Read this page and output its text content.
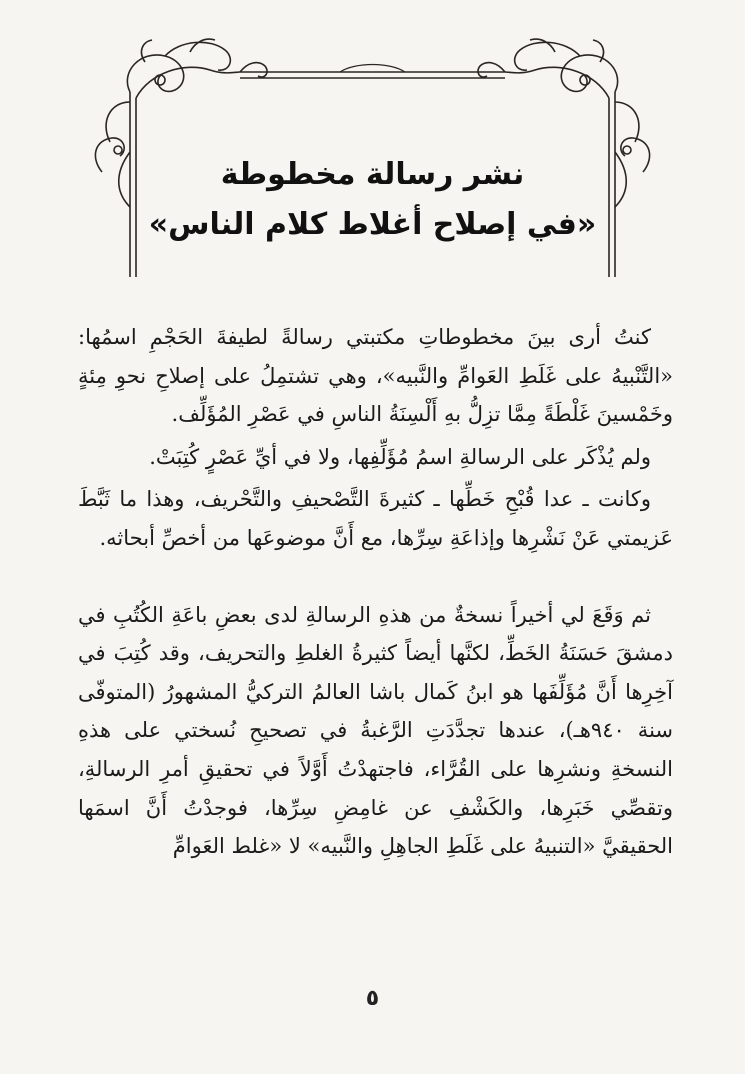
نشر رسالة مخطوطة
«في إصلاح أغلاط كلام الناس»

كنتُ أرى بينَ مخطوطاتِ مكتبتي رسالةً لطيفةَ الحَجْمِ اسمُها: «التَّنْبيهُ على غَلَطِ العَوامِّ والنَّبيه»، وهي تشتمِلُ على إصلاحِ نحوِ مِئةٍ وخَمْسينَ غَلْطَةً مِمَّا تزِلُّ بهِ أَلْسِنَةُ الناسِ في عَصْرِ المُؤَلِّف.

ولم يُذْكَر على الرسالةِ اسمُ مُؤَلِّفِها، ولا في أيِّ عَصْرٍ كُتِبَتْ.

وكانت ـ عدا قُبْحِ خَطِّها ـ كثيرةَ التَّصْحيفِ والتَّحْريف، وهذا ما ثَبَّطَ عَزيمتي عَنْ نَشْرِها وإذاعَةِ سِرِّها، مع أَنَّ موضوعَها من أخصِّ أبحاثه.

ثم وَقَعَ لي أخيراً نسخةٌ من هذهِ الرسالةِ لدى بعضِ باعَةِ الكُتُبِ في دمشقَ حَسَنَةُ الخَطِّ، لكنَّها أيضاً كثيرةُ الغلطِ والتحريف، وقد كُتِبَ في آخِرِها أَنَّ مُؤَلِّفَها هو ابنُ كَمال باشا العالمُ التركيُّ المشهورُ (المتوفّى سنة ٩٤٠هـ)، عندها تجدَّدَتِ الرَّغبةُ في تصحيحِ نُسختي على هذهِ النسخةِ ونشرِها على القُرَّاء، فاجتهدْتُ أَوَّلاً في تحقيقِ أمرِ الرسالةِ، وتقصِّي خَبَرِها، والكَشْفِ عن غامِضِ سِرِّها، فوجدْتُ أَنَّ اسمَها الحقيقيَّ «التنبيهُ على غَلَطِ الجاهِلِ والنَّبيه» لا «غلط العَوامِّ

٥
